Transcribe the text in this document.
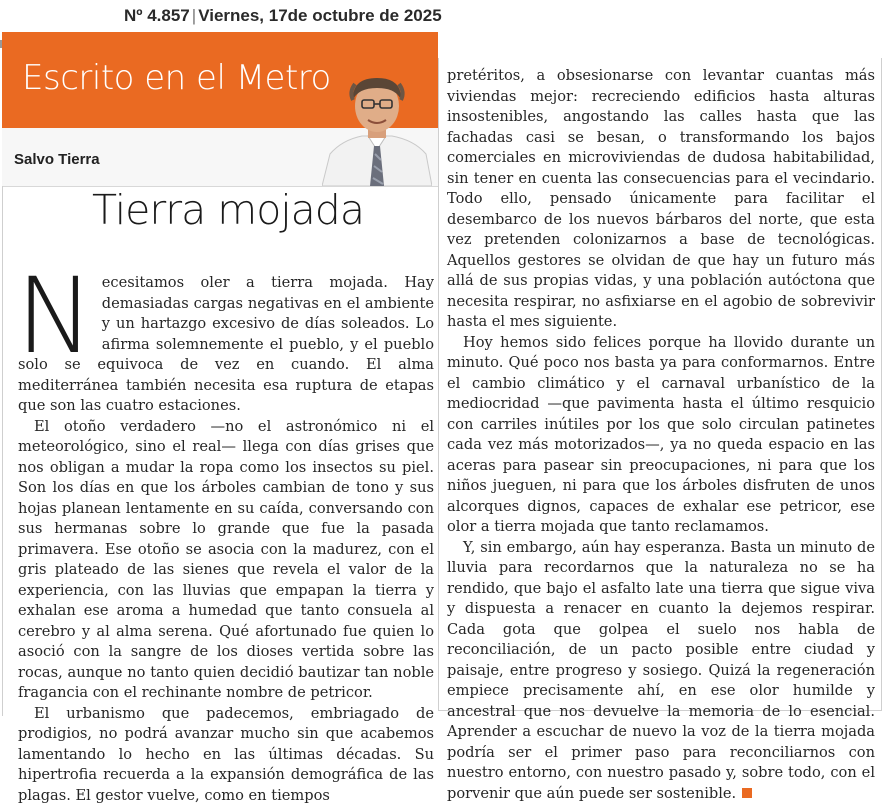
Nº 4.857 | Viernes, 17de octubre de 2025
Escrito en el Metro
Salvo Tierra
Tierra mojada

Necesitamos oler a tierra mojada. Hay demasiadas cargas negativas en el ambiente y un hartazgo excesivo de días soleados. Lo afirma solemnemente el pueblo, y el pueblo solo se equivoca de vez en cuando. El alma mediterránea también necesita esa ruptura de etapas que son las cuatro estaciones.

El otoño verdadero —no el astronómico ni el meteorológico, sino el real— llega con días grises que nos obligan a mudar la ropa como los insectos su piel. Son los días en que los árboles cambian de tono y sus hojas planean lentamente en su caída, conversando con sus hermanas sobre lo grande que fue la pasada primavera. Ese otoño se asocia con la madurez, con el gris plateado de las sienes que revela el valor de la experiencia, con las lluvias que empapan la tierra y exhalan ese aroma a humedad que tanto consuela al cerebro y al alma serena. Qué afortunado fue quien lo asoció con la sangre de los dioses vertida sobre las rocas, aunque no tanto quien decidió bautizar tan noble fragancia con el rechinante nombre de petricor.

El urbanismo que padecemos, embriagado de prodigios, no podrá avanzar mucho sin que acabemos lamentando lo hecho en las últimas décadas. Su hipertrofia recuerda a la expansión demográfica de las plagas. El gestor vuelve, como en tiempos

pretéritos, a obsesionarse con levantar cuantas más viviendas mejor: recreciendo edificios hasta alturas insostenibles, angostando las calles hasta que las fachadas casi se besan, o transformando los bajos comerciales en microviviendas de dudosa habitabilidad, sin tener en cuenta las consecuencias para el vecindario. Todo ello, pensado únicamente para facilitar el desembarco de los nuevos bárbaros del norte, que esta vez pretenden colonizarnos a base de tecnológicas. Aquellos gestores se olvidan de que hay un futuro más allá de sus propias vidas, y una población autóctona que necesita respirar, no asfixiarse en el agobio de sobrevivir hasta el mes siguiente.

Hoy hemos sido felices porque ha llovido durante un minuto. Qué poco nos basta ya para conformarnos. Entre el cambio climático y el carnaval urbanístico de la mediocridad —que pavimenta hasta el último resquicio con carriles inútiles por los que solo circulan patinetes cada vez más motorizados—, ya no queda espacio en las aceras para pasear sin preocupaciones, ni para que los niños jueguen, ni para que los árboles disfruten de unos alcorques dignos, capaces de exhalar ese petricor, ese olor a tierra mojada que tanto reclamamos.

Y, sin embargo, aún hay esperanza. Basta un minuto de lluvia para recordarnos que la naturaleza no se ha rendido, que bajo el asfalto late una tierra que sigue viva y dispuesta a renacer en cuanto la dejemos respirar. Cada gota que golpea el suelo nos habla de reconciliación, de un pacto posible entre ciudad y paisaje, entre progreso y sosiego. Quizá la regeneración empiece precisamente ahí, en ese olor humilde y ancestral que nos devuelve la memoria de lo esencial. Aprender a escuchar de nuevo la voz de la tierra mojada podría ser el primer paso para reconciliarnos con nuestro entorno, con nuestro pasado y, sobre todo, con el porvenir que aún puede ser sostenible.
